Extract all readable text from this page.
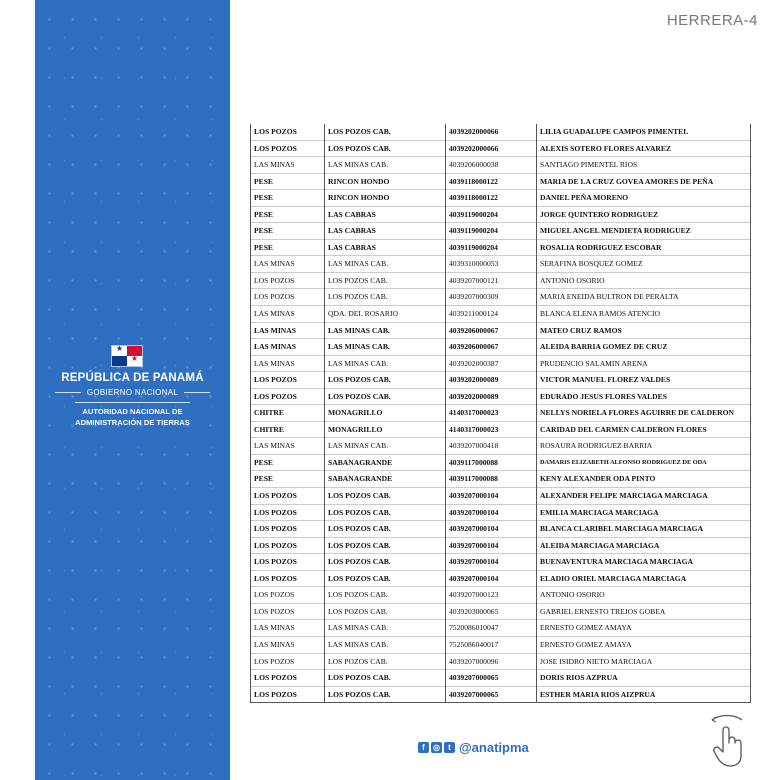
★
★
REPÚBLICA DE PANAMÁ
GOBIERNO NACIONAL
AUTORIDAD NACIONAL DE
ADMINISTRACIÓN DE TIERRAS
HERRERA-4
LOS POZOS	LOS POZOS CAB.	4039202000066	LILIA GUADALUPE CAMPOS PIMENTEL
LOS POZOS	LOS POZOS CAB.	4039202000066	ALEXIS SOTERO FLORES ALVAREZ
LAS MINAS	LAS MINAS CAB.	4039206000038	SANTIAGO PIMENTEL RIOS
PESE	RINCON HONDO	4039118000122	MARIA DE LA CRUZ GOVEA AMORES DE PEÑA
PESE	RINCON HONDO	4039118000122	DANIEL PEÑA MORENO
PESE	LAS CABRAS	4039119000204	JORGE QUINTERO RODRIGUEZ
PESE	LAS CABRAS	4039119000204	MIGUEL ANGEL MENDIETA RODRIGUEZ
PESE	LAS CABRAS	4039119000204	ROSALIA RODRIGUEZ ESCOBAR
LAS MINAS	LAS MINAS CAB.	4039310000053	SERAFINA BOSQUEZ GOMEZ
LOS POZOS	LOS POZOS CAB.	4039207000121	ANTONIO OSORIO
LOS POZOS	LOS POZOS CAB.	4039207000309	MARIA ENEIDA BULTRON DE PERALTA
LAS MINAS	QDA. DEL ROSARIO	4039211000124	BLANCA ELENA RAMOS ATENCIO
LAS MINAS	LAS MINAS CAB.	4039206000067	MATEO CRUZ RAMOS
LAS MINAS	LAS MINAS CAB.	4039206000067	ALEIDA BARRIA GOMEZ DE CRUZ
LAS MINAS	LAS MINAS CAB.	4039202000387	PRUDENCIO SALAMIN ARENA
LOS POZOS	LOS POZOS CAB.	4039202000089	VICTOR MANUEL FLOREZ VALDES
LOS POZOS	LOS POZOS CAB.	4039202000089	EDURADO JESUS FLORES VALDES
CHITRE	MONAGRILLO	4140317000023	NELLYS NORIELA FLORES AGUIRRE DE CALDERON
CHITRE	MONAGRILLO	4140317000023	CARIDAD DEL CARMEN CALDERON FLORES
LAS MINAS	LAS MINAS CAB.	4039207000418	ROSAURA RODRIGUEZ BARRIA
PESE	SABANAGRANDE	4039117000088	DAMARIS ELIZABETH ALFONSO RODRIGUEZ DE ODA
PESE	SABANAGRANDE	4039117000088	KENY ALEXANDER ODA PINTO
LOS POZOS	LOS POZOS CAB.	4039207000104	ALEXANDER FELIPE MARCIAGA MARCIAGA
LOS POZOS	LOS POZOS CAB.	4039207000104	EMILIA MARCIAGA MARCIAGA
LOS POZOS	LOS POZOS CAB.	4039207000104	BLANCA CLARIBEL MARCIAGA MARCIAGA
LOS POZOS	LOS POZOS CAB.	4039207000104	ALEIDA MARCIAGA MARCIAGA
LOS POZOS	LOS POZOS CAB.	4039207000104	BUENAVENTURA MARCIAGA MARCIAGA
LOS POZOS	LOS POZOS CAB.	4039207000104	ELADIO ORIEL MARCIAGA MARCIAGA
LOS POZOS	LOS POZOS CAB.	4039207000123	ANTONIO OSORIO
LOS POZOS	LOS POZOS CAB.	4039203000065	GABRIEL ERNESTO TREJOS GOBEA
LAS MINAS	LAS MINAS CAB.	7520086010047	ERNESTO GOMEZ AMAYA
LAS MINAS	LAS MINAS CAB.	7525086040017	ERNESTO GOMEZ AMAYA
LOS POZOS	LOS POZOS CAB.	4039207000096	JOSE ISIDRO NIETO MARCIAGA
LOS POZOS	LOS POZOS CAB.	4039207000065	DORIS RIOS AZPRUA
LOS POZOS	LOS POZOS CAB.	4039207000065	ESTHER MARIA RIOS AIZPRUA
f	◎	t @anatipma
